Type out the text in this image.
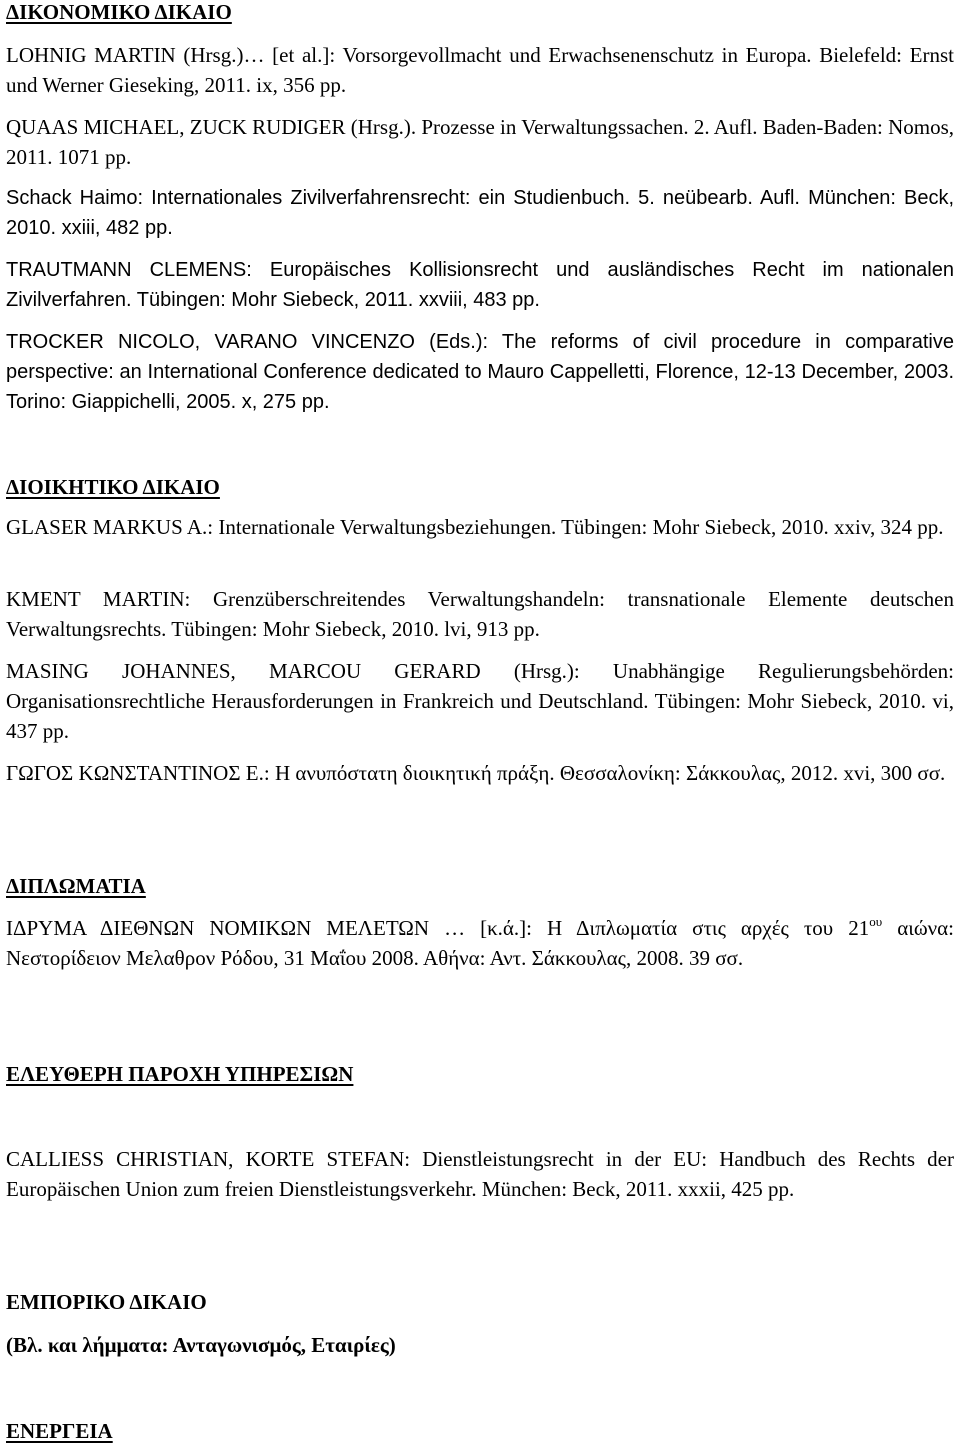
ΔΙΚΟΝΟΜΙΚΟ ΔΙΚΑΙΟ

LOHNIG MARTIN (Hrsg.)… [et al.]: Vorsorgevollmacht und Erwachsenenschutz in Europa. Bielefeld: Ernst und Werner Gieseking, 2011. ix, 356 pp.

QUAAS MICHAEL, ZUCK RUDIGER (Hrsg.). Prozesse in Verwaltungssachen. 2. Aufl. Baden-Baden: Nomos, 2011. 1071 pp.

Schack Haimo: Internationales Zivilverfahrensrecht: ein Studienbuch. 5. neübearb. Aufl. München: Beck, 2010. xxiii, 482 pp.

TRAUTMANN CLEMENS: Europäisches Kollisionsrecht und ausländisches Recht im nationalen Zivilverfahren. Tübingen: Mohr Siebeck, 2011. xxviii, 483 pp.

TROCKER NICOLO, VARANO VINCENZO (Eds.): The reforms of civil procedure in comparative perspective: an International Conference dedicated to Mauro Cappelletti, Florence, 12-13 December, 2003. Torino: Giappichelli, 2005. x, 275 pp.

ΔΙΟΙΚΗΤΙΚΟ ΔΙΚΑΙΟ

GLASER MARKUS A.: Internationale Verwaltungsbeziehungen. Tübingen: Mohr Siebeck, 2010. xxiv, 324 pp.

KMENT MARTIN: Grenzüberschreitendes Verwaltungshandeln: transnationale Elemente deutschen Verwaltungsrechts. Tübingen: Mohr Siebeck, 2010. lvi, 913 pp.

MASING JOHANNES, MARCOU GERARD (Hrsg.): Unabhängige Regulierungsbehörden: Organisationsrechtliche Herausforderungen in Frankreich und Deutschland. Tübingen: Mohr Siebeck, 2010. vi, 437 pp.

ΓΩΓΟΣ ΚΩΝΣΤΑΝΤΙΝΟΣ Ε.: Η ανυπόστατη διοικητική πράξη. Θεσσαλονίκη: Σάκκουλας, 2012. xvi, 300 σσ.

ΔΙΠΛΩΜΑΤΙΑ

ΙΔΡΥΜΑ ΔΙΕΘΝΩΝ ΝΟΜΙΚΩΝ ΜΕΛΕΤΩΝ … [κ.ά.]: Η Διπλωματία στις αρχές του $21^{o\upsilon}$ αιώνα: Νεστορίδειον Μελαθρον Ρόδου, 31 Μαΐου 2008. Αθήνα: Αντ. Σάκκουλας, 2008. 39 σσ.

ΕΛΕΥΘΕΡΗ ΠΑΡΟΧΗ ΥΠΗΡΕΣΙΩΝ

CALLIESS CHRISTIAN, KORTE STEFAN: Dienstleistungsrecht in der EU: Handbuch des Rechts der Europäischen Union zum freien Dienstleistungsverkehr. München: Beck, 2011. xxxii, 425 pp.

ΕΜΠΟΡΙΚΟ ΔΙΚΑΙΟ

(Βλ. και λήμματα: Ανταγωνισμός, Εταιρίες)

ΕΝΕΡΓΕΙΑ
